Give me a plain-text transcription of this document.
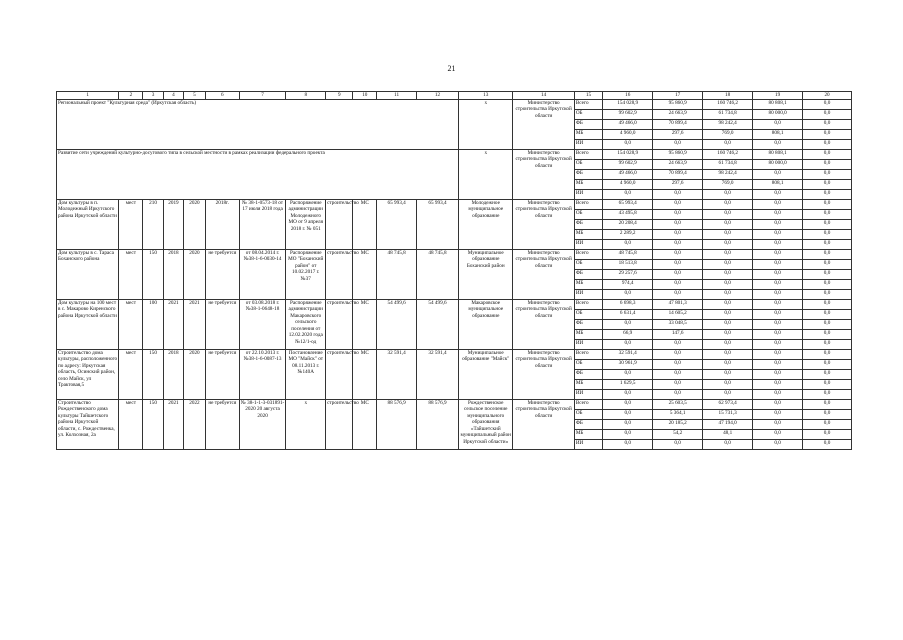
21
1	2	3	4	5	6	7	8	9	10	11	12	13	14	15	16	17	18	19	20
Региональный проект "Культурная среда" (Иркутская область)												x	Министерство строительства Иркутской области	Всего	154 028,9	95 860,9	160 746,2	80 808,1	0,0
														ОБ	99 602,9	24 663,9	61 734,8	80 000,0	0,0
														ФБ	49 466,0	70 899,4	98 242,4	0,0	0,0
														МБ	4 960,0	297,6	769,0	808,1	0,0
														ИИ	0,0	0,0	0,0	0,0	0,0
Развитие сети учреждений культурно-досугового типа в сельской местности в рамках реализации федерального проекта												x	Министерство строительства Иркутской области	Всего	154 028,9	95 860,9	160 746,2	80 808,1	0,0
														ОБ	99 602,9	24 663,9	61 734,8	80 000,0	0,0
														ФБ	49 466,0	70 899,4	98 242,4	0,0	0,0
														МБ	4 960,0	297,6	769,0	808,1	0,0
														ИИ	0,0	0,0	0,0	0,0	0,0
Дом культуры в п. Молодежный Иркутского района Иркутской области	мест	210	2019	2020	2018г.	№ 38-1-0573-18 от 17 июля 2018 года	Распоряжение администрации Молодежного МО от 9 апреля 2018 г. № 051	строительство	МС	65 993,4	65 993,4	Молодежное муниципальное образование	Министерство строительства Иркутской области	Всего	65 993,4	0,0	0,0	0,0	0,0
														ОБ	43 495,8	0,0	0,0	0,0	0,0
														ФБ	20 208,4	0,0	0,0	0,0	0,0
														МБ	2 289,2	0,0	0,0	0,0	0,0
														ИИ	0,0	0,0	0,0	0,0	0,0
Дом культуры в с. Тараса Боханского района	мест	150	2018	2020	не требуется	от 08.04.2014 г. №38-1-6-0030-14	Распоряжение МО "Боханский район" от 10.02.2017 г. №37	строительство	МС	48 745,8	48 745,8	Муниципальное образование Боханский район	Министерство строительства Иркутской области	Всего	48 745,8	0,0	0,0	0,0	0,0
														ОБ	18 513,8	0,0	0,0	0,0	0,0
														ФБ	29 257,6	0,0	0,0	0,0	0,0
														МБ	974,4	0,0	0,0	0,0	0,0
														ИИ	0,0	0,0	0,0	0,0	0,0
Дом культуры на 100 мест в с. Макарово Киренского района Иркутской области	мест	100	2021	2021	не требуется	от 03.08.2018 г. №38-1-0648-18	Распоряжение администрации Макаровского сельского поселения от 12.02.2020 года №12/1-од	строительство	МС	54 499,6	54 499,6	Макаровское муниципальное образование	Министерство строительства Иркутской области	Всего	6 698,3	47 801,3	0,0	0,0	0,0
														ОБ	6 631,4	14 605,2	0,0	0,0	0,0
														ФБ	0,0	33 048,5	0,0	0,0	0,0
														МБ	66,9	147,6	0,0	0,0	0,0
														ИИ	0,0	0,0	0,0	0,0	0,0
Строительство дома культуры, расположенного по адресу: Иркутская область, Осинский район, село Майск, ул Трактовая,5	мест	150	2018	2020	не требуется	от 22.10.2013 г. №38-1-6-0087-13	Постановление МО "Майск" от 08.11.2013 г. №140А	строительство	МС	32 591,4	32 591,4	Муниципальное образование "Майск"	Министерство строительства Иркутской области	Всего	32 591,4	0,0	0,0	0,0	0,0
														ОБ	30 961,9	0,0	0,0	0,0	0,0
														ФБ	0,0	0,0	0,0	0,0	0,0
														МБ	1 629,5	0,0	0,0	0,0	0,0
														ИИ	0,0	0,0	0,0	0,0	0,0
Строительство Рождественского дома культуры Тайшетского района Иркутской области, с. Рождественка, ул. Колхозная, 2а	мест	150	2021	2022	не требуется	№ 38-1-1-3-031891-2020 20 августа 2020	x	строительство	МС	88 576,9	88 576,9	Рождественское сельское поселение муниципального образования «Тайшетский муниципальный район Иркутской области»	Министерство строительства Иркутской области	Всего	0,0	25 603,5	62 973,4	0,0	0,0
														ОБ	0,0	5 364,1	15 731,3	0,0	0,0
														ФБ	0,0	20 185,2	47 194,0	0,0	0,0
														МБ	0,0	54,2	48,1	0,0	0,0
														ИИ	0,0	0,0	0,0	0,0	0,0
